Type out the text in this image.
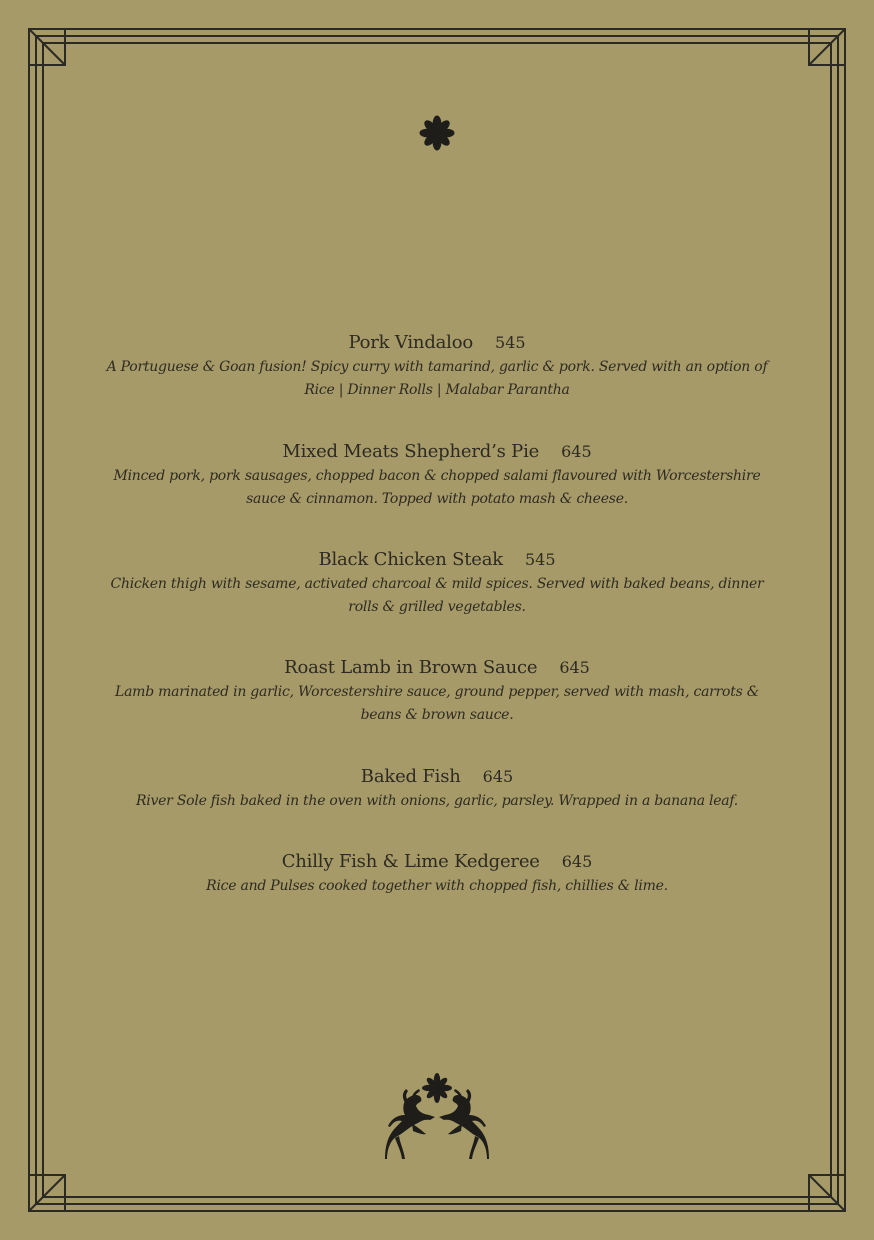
Pork Vindaloo 545
A Portuguese & Goan fusion! Spicy curry with tamarind, garlic & pork. Served with an option of Rice | Dinner Rolls | Malabar Parantha
Mixed Meats Shepherd’s Pie 645
Minced pork, pork sausages, chopped bacon & chopped salami flavoured with Worcestershire sauce & cinnamon. Topped with potato mash & cheese.
Black Chicken Steak 545
Chicken thigh with sesame, activated charcoal & mild spices. Served with baked beans, dinner rolls & grilled vegetables.
Roast Lamb in Brown Sauce 645
Lamb marinated in garlic, Worcestershire sauce, ground pepper, served with mash, carrots & beans & brown sauce.
Baked Fish 645
River Sole fish baked in the oven with onions, garlic, parsley. Wrapped in a banana leaf.
Chilly Fish & Lime Kedgeree 645
Rice and Pulses cooked together with chopped fish, chillies & lime.
